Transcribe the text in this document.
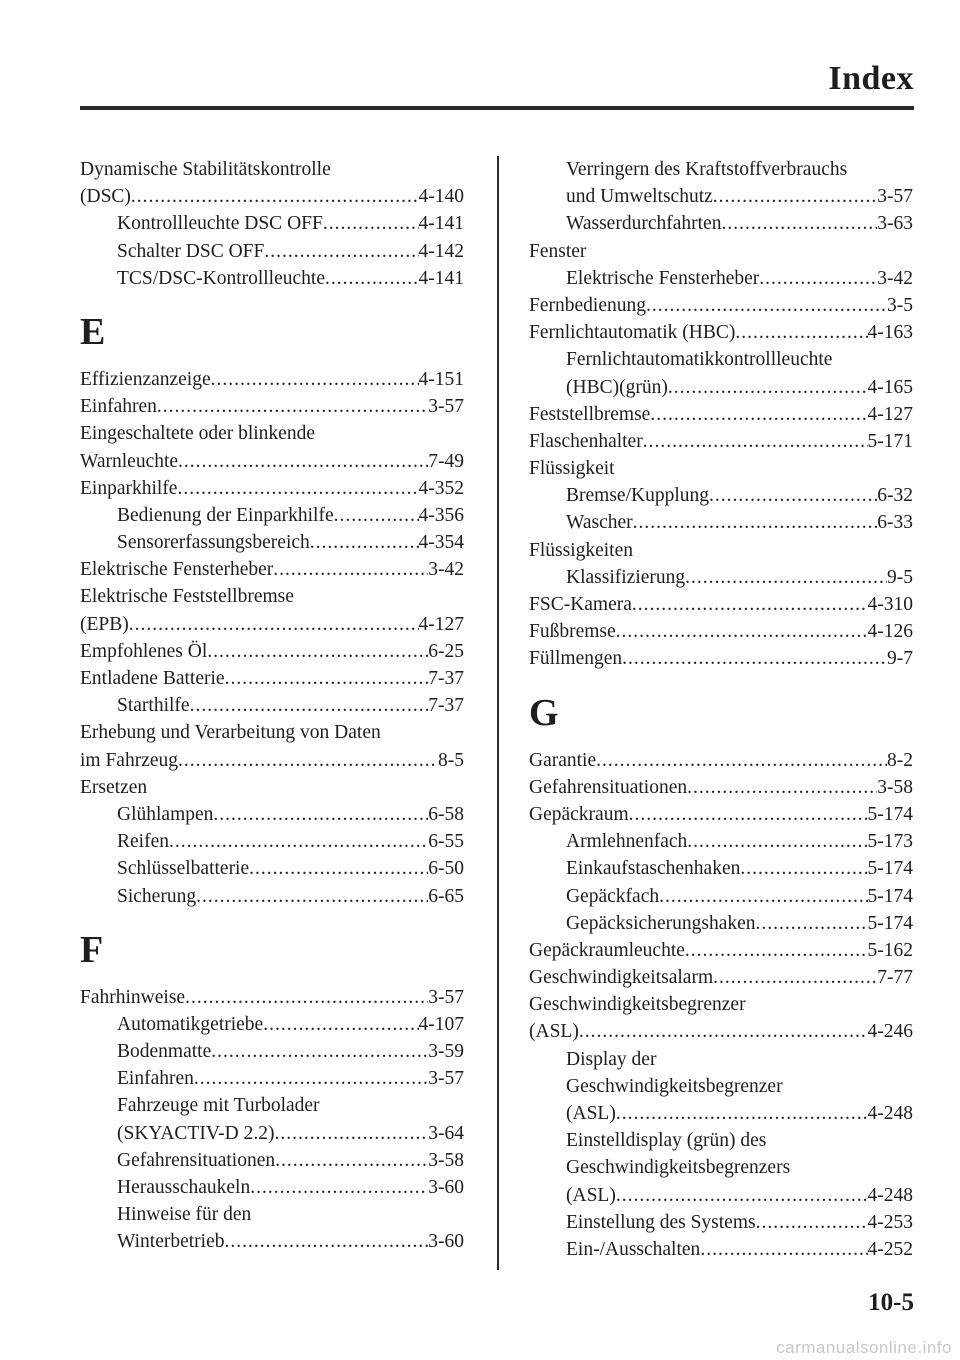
Index
Dynamische Stabilitätskontrolle
(DSC) .....	4-140
Kontrollleuchte DSC OFF .....	4-141
Schalter DSC OFF .....	4-142
TCS/DSC-Kontrollleuchte .....	4-141
E
Effizienzanzeige .....	4-151
Einfahren .....	3-57
Eingeschaltete oder blinkende
Warnleuchte .....	7-49
Einparkhilfe .....	4-352
Bedienung der Einparkhilfe .....	4-356
Sensorerfassungsbereich .....	4-354
Elektrische Fensterheber .....	3-42
Elektrische Feststellbremse
(EPB) .....	4-127
Empfohlenes Öl .....	6-25
Entladene Batterie .....	7-37
Starthilfe .....	7-37
Erhebung und Verarbeitung von Daten
im Fahrzeug .....	8-5
Ersetzen
Glühlampen .....	6-58
Reifen .....	6-55
Schlüsselbatterie .....	6-50
Sicherung .....	6-65
F
Fahrhinweise .....	3-57
Automatikgetriebe .....	4-107
Bodenmatte .....	3-59
Einfahren .....	3-57
Fahrzeuge mit Turbolader
(SKYACTIV-D 2.2) .....	3-64
Gefahrensituationen .....	3-58
Herausschaukeln .....	3-60
Hinweise für den
Winterbetrieb .....	3-60
Verringern des Kraftstoffverbrauchs
und Umweltschutz .....	3-57
Wasserdurchfahrten .....	3-63
Fenster
Elektrische Fensterheber .....	3-42
Fernbedienung .....	3-5
Fernlichtautomatik (HBC) .....	4-163
Fernlichtautomatikkontrollleuchte
(HBC)(grün) .....	4-165
Feststellbremse .....	4-127
Flaschenhalter .....	5-171
Flüssigkeit
Bremse/Kupplung .....	6-32
Wascher .....	6-33
Flüssigkeiten
Klassifizierung .....	9-5
FSC-Kamera .....	4-310
Fußbremse .....	4-126
Füllmengen .....	9-7
G
Garantie .....	8-2
Gefahrensituationen .....	3-58
Gepäckraum .....	5-174
Armlehnenfach .....	5-173
Einkaufstaschenhaken .....	5-174
Gepäckfach .....	5-174
Gepäcksicherungshaken .....	5-174
Gepäckraumleuchte .....	5-162
Geschwindigkeitsalarm .....	7-77
Geschwindigkeitsbegrenzer
(ASL) .....	4-246
Display der
Geschwindigkeitsbegrenzer
(ASL) .....	4-248
Einstelldisplay (grün) des
Geschwindigkeitsbegrenzers
(ASL) .....	4-248
Einstellung des Systems .....	4-253
Ein-/Ausschalten .....	4-252
10-5
carmanualsonline.info
